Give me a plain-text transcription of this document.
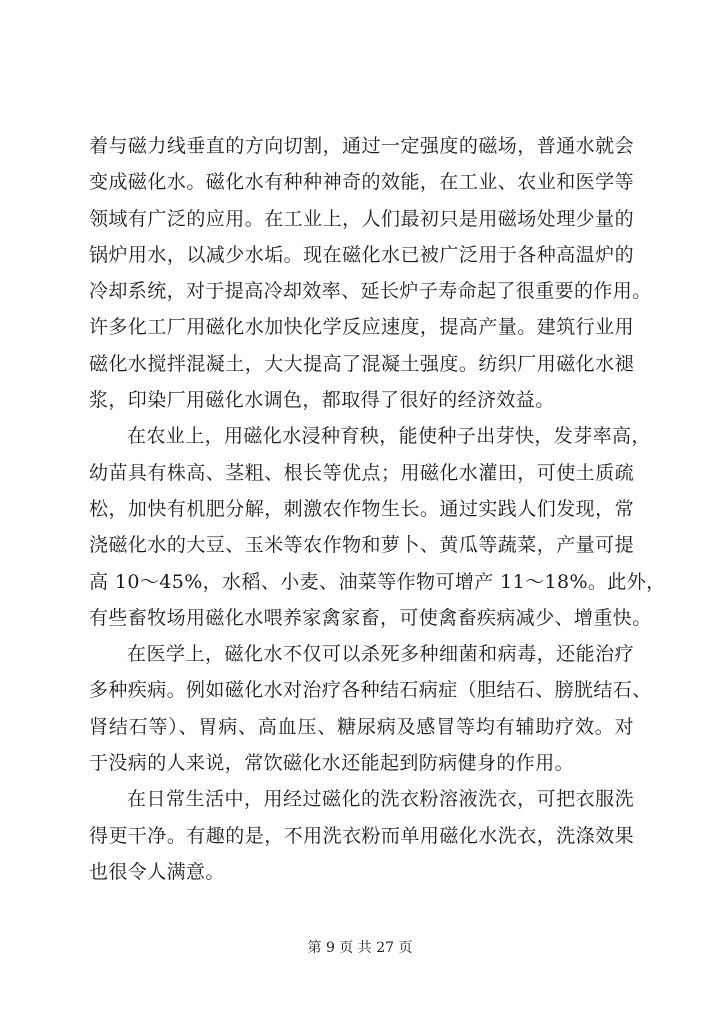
着与磁力线垂直的方向切割，通过一定强度的磁场，普通水就会
变成磁化水。磁化水有种种神奇的效能，在工业、农业和医学等
领域有广泛的应用。在工业上，人们最初只是用磁场处理少量的
锅炉用水，以减少水垢。现在磁化水已被广泛用于各种高温炉的
冷却系统，对于提高冷却效率、延长炉子寿命起了很重要的作用。
许多化工厂用磁化水加快化学反应速度，提高产量。建筑行业用
磁化水搅拌混凝土，大大提高了混凝土强度。纺织厂用磁化水褪
浆，印染厂用磁化水调色，都取得了很好的经济效益。
在农业上，用磁化水浸种育秧，能使种子出芽快，发芽率高，
幼苗具有株高、茎粗、根长等优点；用磁化水灌田，可使土质疏
松，加快有机肥分解，刺激农作物生长。通过实践人们发现，常
浇磁化水的大豆、玉米等农作物和萝卜、黄瓜等蔬菜，产量可提
高 10～45%，水稻、小麦、油菜等作物可增产 11～18%。此外，
有些畜牧场用磁化水喂养家禽家畜，可使禽畜疾病减少、增重快。
在医学上，磁化水不仅可以杀死多种细菌和病毒，还能治疗
多种疾病。例如磁化水对治疗各种结石病症（胆结石、膀胱结石、
肾结石等）、胃病、高血压、糖尿病及感冒等均有辅助疗效。对
于没病的人来说，常饮磁化水还能起到防病健身的作用。
在日常生活中，用经过磁化的洗衣粉溶液洗衣，可把衣服洗
得更干净。有趣的是，不用洗衣粉而单用磁化水洗衣，洗涤效果
也很令人满意。
第 9 页 共 27 页
